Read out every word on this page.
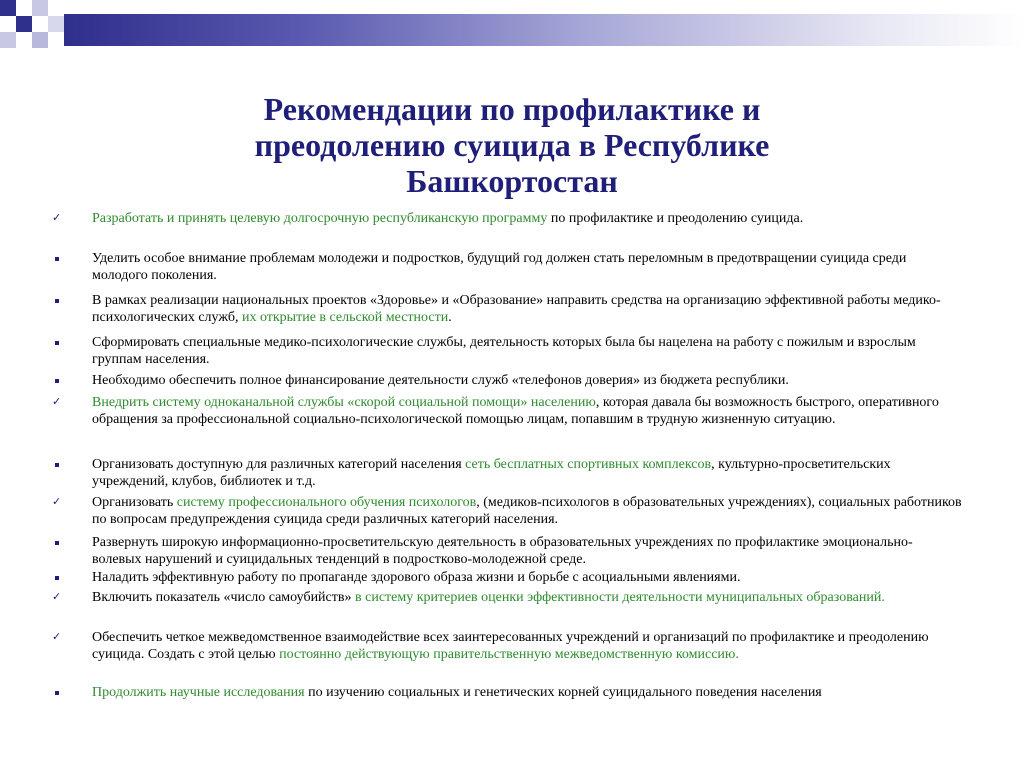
Рекомендации по профилактике и
преодолению суицида в Республике
Башкортостан
✓	Разработать и принять целевую долгосрочную республиканскую программу по профилактике и преодолению суицида.
Уделить особое внимание проблемам молодежи и подростков, будущий год должен стать переломным в предотвращении суицида среди молодого поколения.
В рамках реализации национальных проектов «Здоровье» и «Образование» направить средства на организацию эффективной работы медико-психологических служб, их открытие в сельской местности.
Сформировать специальные медико-психологические службы, деятельность которых была бы нацелена на работу с пожилым и взрослым группам населения.
Необходимо обеспечить полное финансирование деятельности служб «телефонов доверия» из бюджета республики.
✓	Внедрить систему одноканальной службы «скорой социальной помощи» населению, которая давала бы возможность быстрого, оперативного обращения за профессиональной социально-психологической помощью лицам, попавшим в трудную жизненную ситуацию.
Организовать доступную для различных категорий населения сеть бесплатных спортивных комплексов, культурно-просветительских учреждений, клубов, библиотек и т.д.
✓	Организовать систему профессионального обучения психологов, (медиков-психологов в образовательных учреждениях), социальных работников по вопросам предупреждения суицида среди различных категорий населения.
Развернуть широкую информационно-просветительскую деятельность в образовательных учреждениях по профилактике эмоционально-волевых нарушений и суицидальных тенденций в подростково-молодежной среде.
Наладить эффективную работу по пропаганде здорового образа жизни и борьбе с асоциальными явлениями.
✓	Включить показатель «число самоубийств» в систему критериев оценки эффективности деятельности муниципальных образований.
✓	Обеспечить четкое межведомственное взаимодействие всех заинтересованных учреждений и организаций по профилактике и преодолению суицида. Создать с этой целью постоянно действующую правительственную межведомственную комиссию.
Продолжить научные исследования по изучению социальных и генетических корней суицидального поведения населения
